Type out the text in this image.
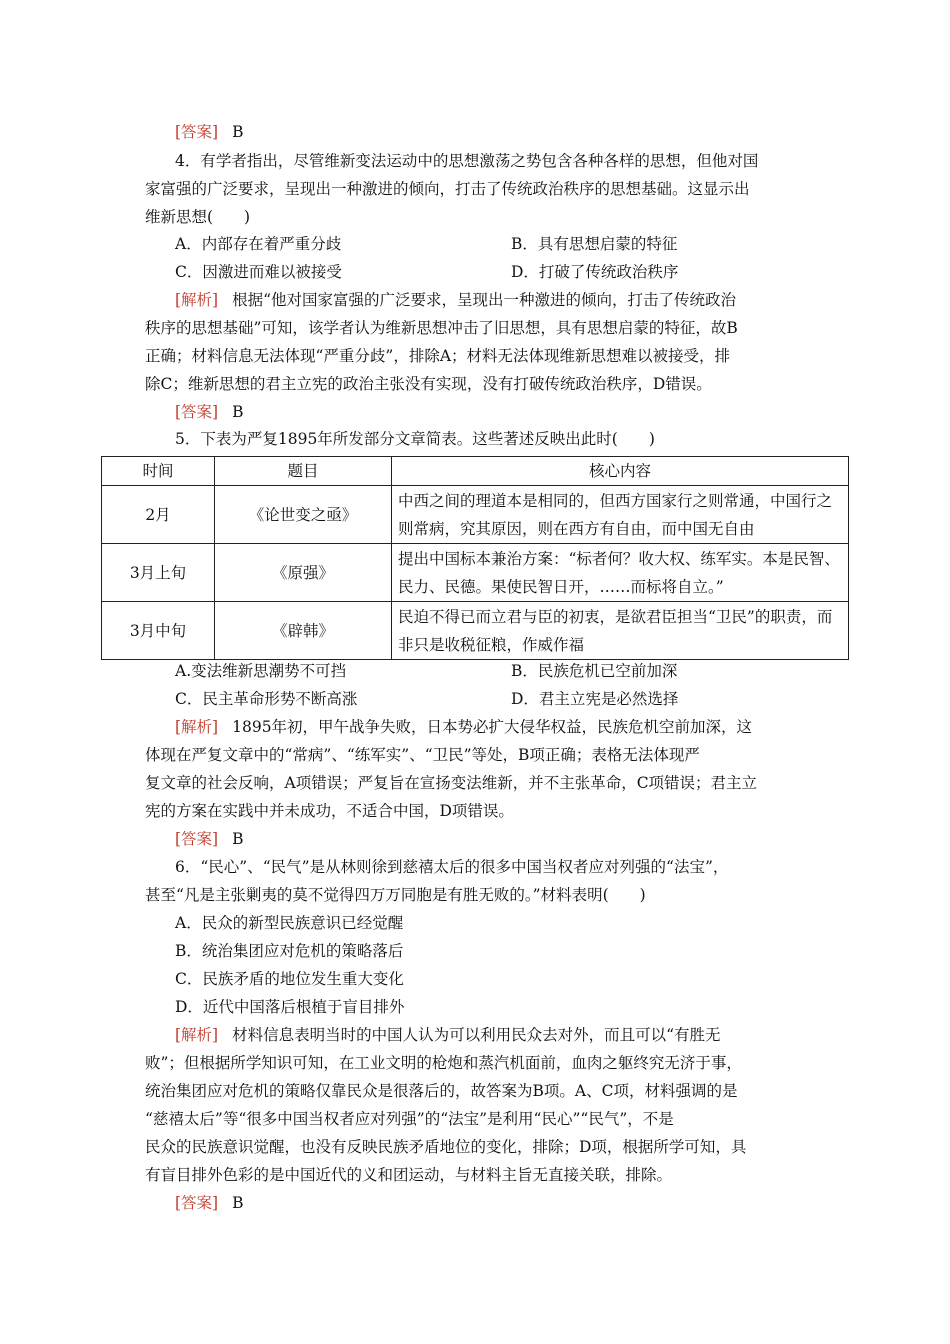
[答案] B
4．有学者指出，尽管维新变法运动中的思想激荡之势包含各种各样的思想，但他对国
家富强的广泛要求，呈现出一种激进的倾向，打击了传统政治秩序的思想基础。这显示出
维新思想(　　)
A．内部存在着严重分歧	B．具有思想启蒙的特征
C．因激进而难以被接受	D．打破了传统政治秩序
[解析] 根据“他对国家富强的广泛要求，呈现出一种激进的倾向，打击了传统政治
秩序的思想基础”可知，该学者认为维新思想冲击了旧思想，具有思想启蒙的特征，故B
正确；材料信息无法体现“严重分歧”，排除A；材料无法体现维新思想难以被接受，排
除C；维新思想的君主立宪的政治主张没有实现，没有打破传统政治秩序，D错误。
[答案] B
5．下表为严复1895年所发部分文章简表。这些著述反映出此时(　　)
时间	题目	核心内容
2月	《论世变之亟》	中西之间的理道本是相同的，但西方国家行之则常通，中国行之则常病，究其原因，则在西方有自由，而中国无自由
3月上旬	《原强》	提出中国标本兼治方案：“标者何？收大权、练军实。本是民智、民力、民德。果使民智日开，……而标将自立。”
3月中旬	《辟韩》	民迫不得已而立君与臣的初衷，是欲君臣担当“卫民”的职责，而非只是收税征粮，作威作福
A.变法维新思潮势不可挡	B．民族危机已空前加深
C．民主革命形势不断高涨	D．君主立宪是必然选择
[解析] 1895年初，甲午战争失败，日本势必扩大侵华权益，民族危机空前加深，这
体现在严复文章中的“常病”、“练军实”、“卫民”等处，B项正确；表格无法体现严
复文章的社会反响，A项错误；严复旨在宣扬变法维新，并不主张革命，C项错误；君主立
宪的方案在实践中并未成功，不适合中国，D项错误。
[答案] B
6．“民心”、“民气”是从林则徐到慈禧太后的很多中国当权者应对列强的“法宝”，
甚至“凡是主张剿夷的莫不觉得四万万同胞是有胜无败的。”材料表明(　　)
A．民众的新型民族意识已经觉醒
B．统治集团应对危机的策略落后
C．民族矛盾的地位发生重大变化
D．近代中国落后根植于盲目排外
[解析] 材料信息表明当时的中国人认为可以利用民众去对外，而且可以“有胜无
败”；但根据所学知识可知，在工业文明的枪炮和蒸汽机面前，血肉之躯终究无济于事，
统治集团应对危机的策略仅靠民众是很落后的，故答案为B项。A、C项，材料强调的是
“慈禧太后”等“很多中国当权者应对列强”的“法宝”是利用“民心”“民气”，不是
民众的民族意识觉醒，也没有反映民族矛盾地位的变化，排除；D项，根据所学可知，具
有盲目排外色彩的是中国近代的义和团运动，与材料主旨无直接关联，排除。
[答案] B
